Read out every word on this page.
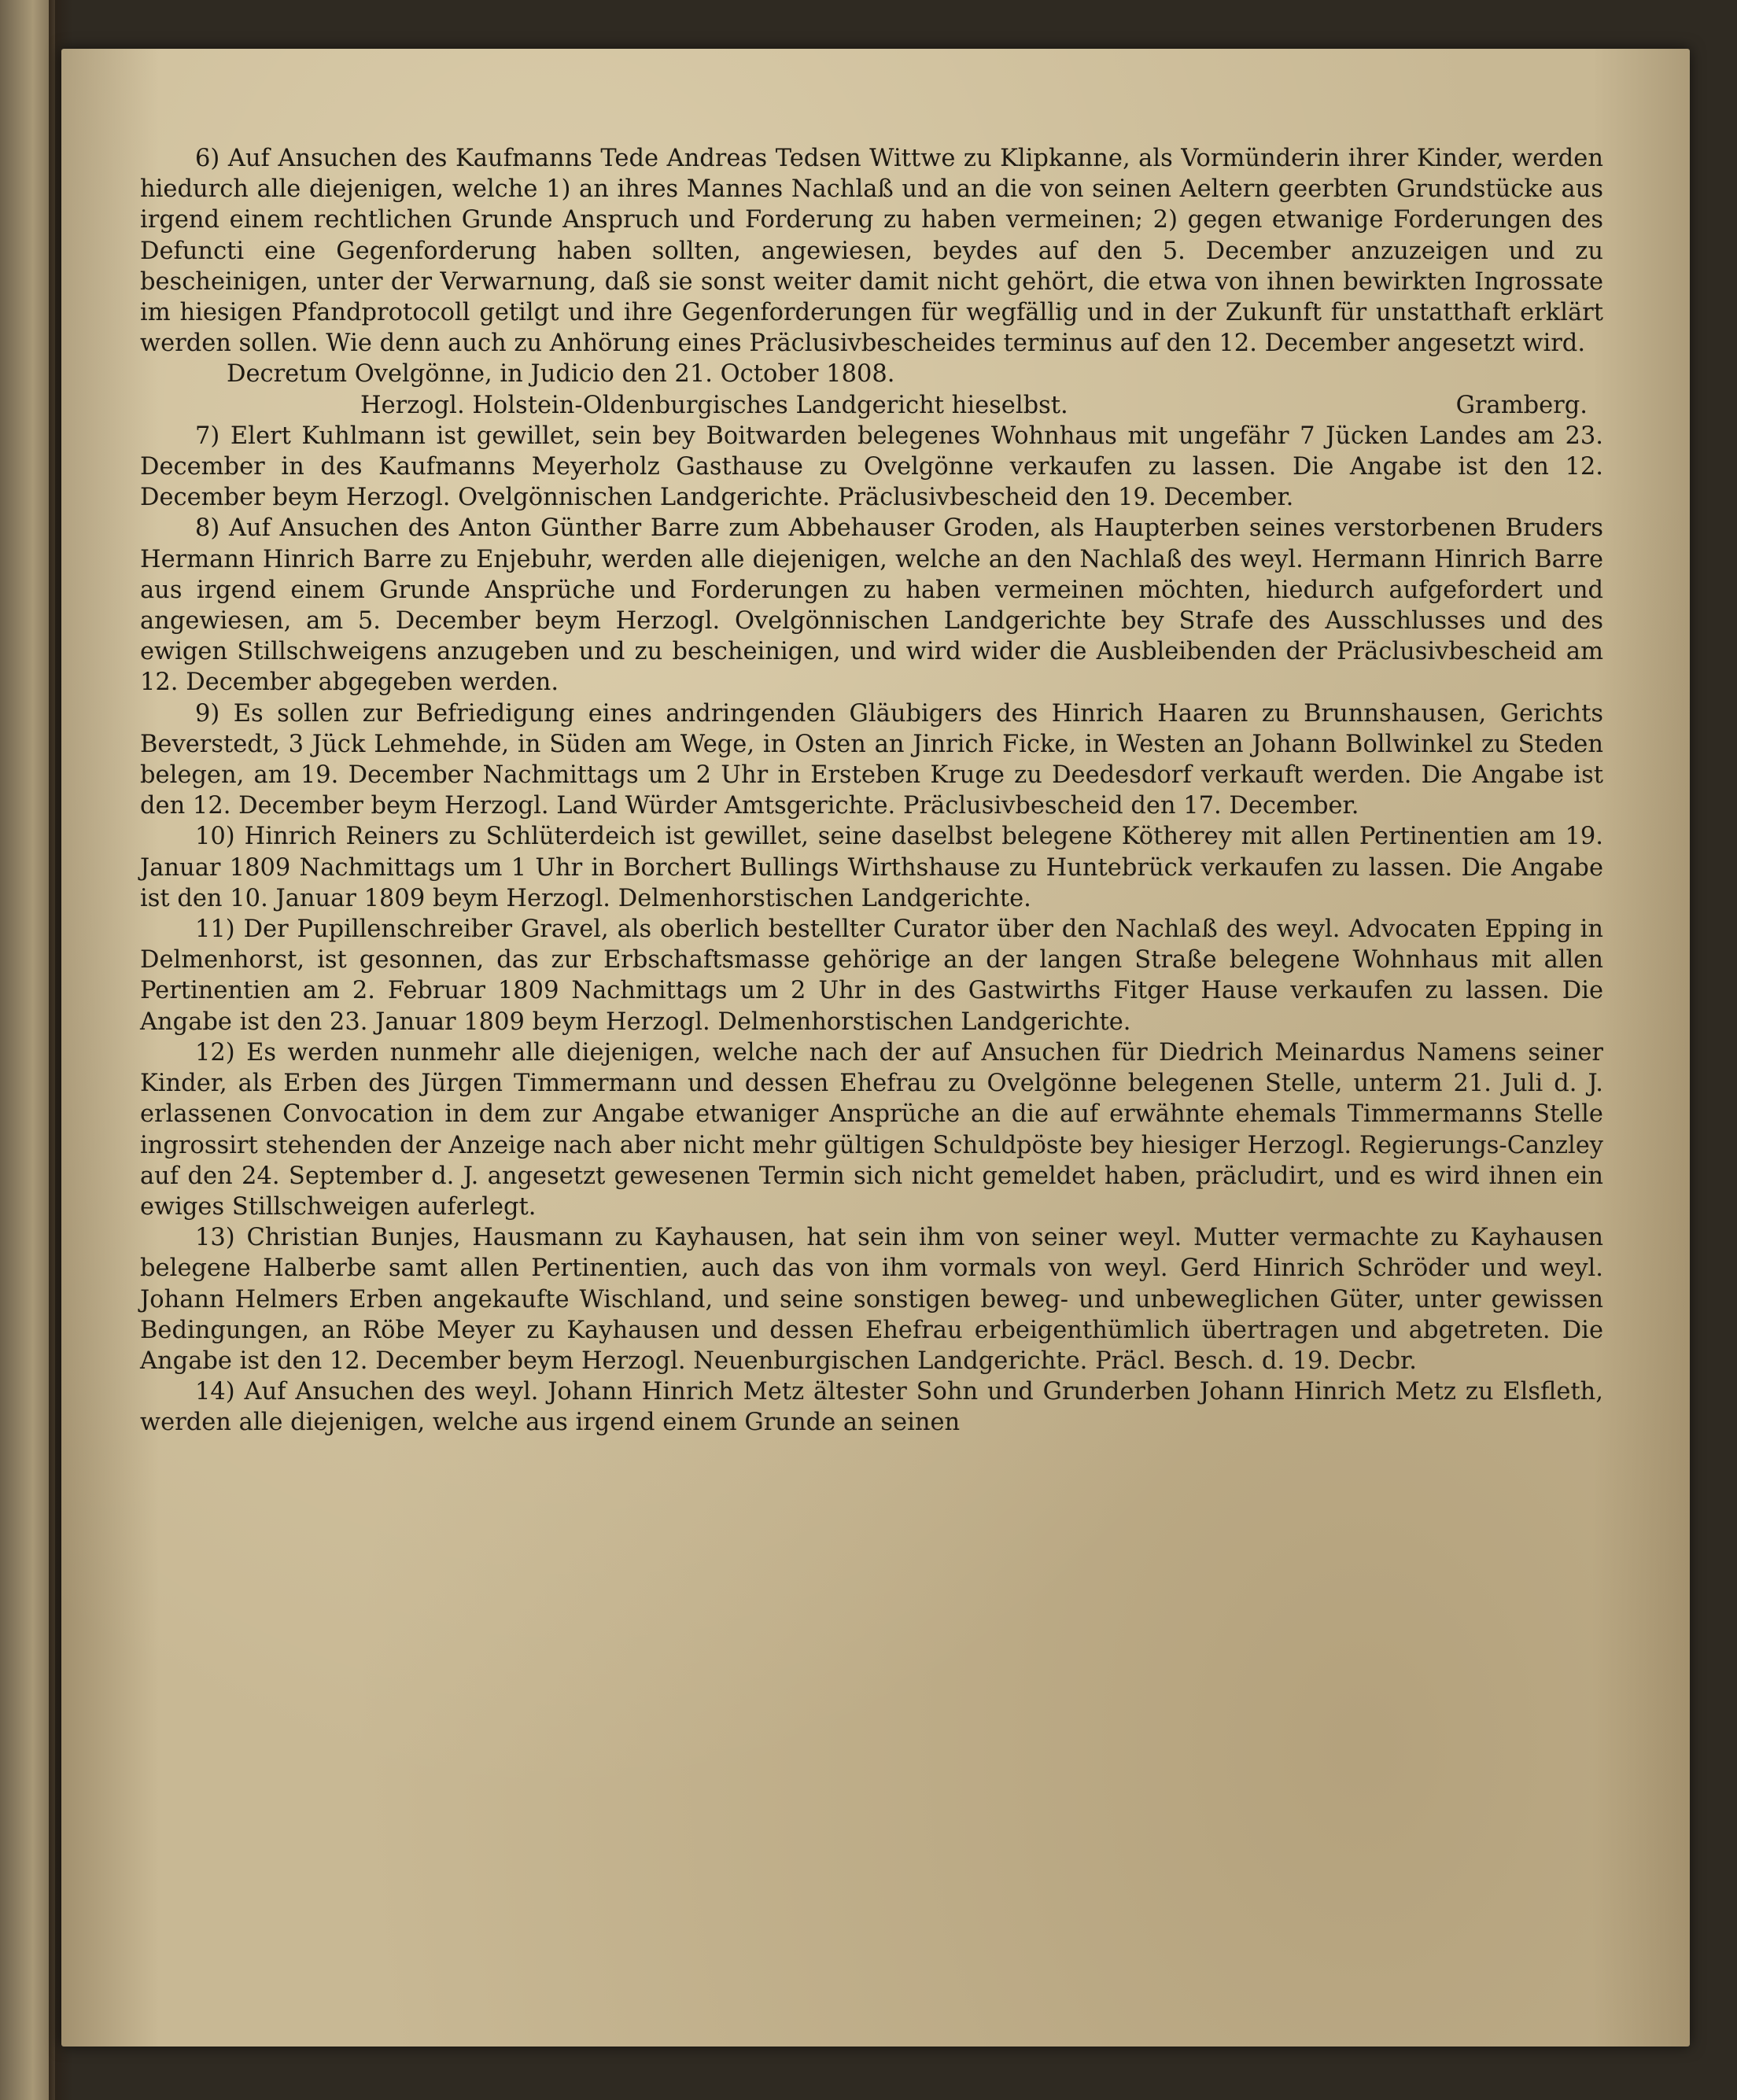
6) Auf Ansuchen des Kaufmanns Tede Andreas Tedsen Wittwe zu Klipkanne, als Vormünderin ihrer Kinder, werden hiedurch alle diejenigen, welche 1) an ihres Mannes Nachlaß und an die von seinen Aeltern geerbten Grundstücke aus irgend einem rechtlichen Grunde Anspruch und Forderung zu haben vermeinen; 2) gegen etwanige Forderungen des Defuncti eine Gegenforderung haben sollten, angewiesen, beydes auf den 5. December anzuzeigen und zu bescheinigen, unter der Verwarnung, daß sie sonst weiter damit nicht gehört, die etwa von ihnen bewirkten Ingrossate im hiesigen Pfandprotocoll getilgt und ihre Gegenforderungen für wegfällig und in der Zukunft für unstatthaft erklärt werden sollen. Wie denn auch zu Anhörung eines Präclusivbescheides terminus auf den 12. December angesetzt wird.

Decretum Ovelgönne, in Judicio den 21. October 1808.

Herzogl. Holstein-Oldenburgisches Landgericht hieselbst.	Gramberg.

7) Elert Kuhlmann ist gewillet, sein bey Boitwarden belegenes Wohnhaus mit ungefähr 7 Jücken Landes am 23. December in des Kaufmanns Meyerholz Gasthause zu Ovelgönne verkaufen zu lassen. Die Angabe ist den 12. December beym Herzogl. Ovelgönnischen Landgerichte. Präclusivbescheid den 19. December.

8) Auf Ansuchen des Anton Günther Barre zum Abbehauser Groden, als Haupterben seines verstorbenen Bruders Hermann Hinrich Barre zu Enjebuhr, werden alle diejenigen, welche an den Nachlaß des weyl. Hermann Hinrich Barre aus irgend einem Grunde Ansprüche und Forderungen zu haben vermeinen möchten, hiedurch aufgefordert und angewiesen, am 5. December beym Herzogl. Ovelgönnischen Landgerichte bey Strafe des Ausschlusses und des ewigen Stillschweigens anzugeben und zu bescheinigen, und wird wider die Ausbleibenden der Präclusivbescheid am 12. December abgegeben werden.

9) Es sollen zur Befriedigung eines andringenden Gläubigers des Hinrich Haaren zu Brunnshausen, Gerichts Beverstedt, 3 Jück Lehmehde, in Süden am Wege, in Osten an Jinrich Ficke, in Westen an Johann Bollwinkel zu Steden belegen, am 19. December Nachmittags um 2 Uhr in Ersteben Kruge zu Deedesdorf verkauft werden. Die Angabe ist den 12. December beym Herzogl. Land Würder Amtsgerichte. Präclusivbescheid den 17. December.

10) Hinrich Reiners zu Schlüterdeich ist gewillet, seine daselbst belegene Kötherey mit allen Pertinentien am 19. Januar 1809 Nachmittags um 1 Uhr in Borchert Bullings Wirthshause zu Huntebrück verkaufen zu lassen. Die Angabe ist den 10. Januar 1809 beym Herzogl. Delmenhorstischen Landgerichte.

11) Der Pupillenschreiber Gravel, als oberlich bestellter Curator über den Nachlaß des weyl. Advocaten Epping in Delmenhorst, ist gesonnen, das zur Erbschaftsmasse gehörige an der langen Straße belegene Wohnhaus mit allen Pertinentien am 2. Februar 1809 Nachmittags um 2 Uhr in des Gastwirths Fitger Hause verkaufen zu lassen. Die Angabe ist den 23. Januar 1809 beym Herzogl. Delmenhorstischen Landgerichte.

12) Es werden nunmehr alle diejenigen, welche nach der auf Ansuchen für Diedrich Meinardus Namens seiner Kinder, als Erben des Jürgen Timmermann und dessen Ehefrau zu Ovelgönne belegenen Stelle, unterm 21. Juli d. J. erlassenen Convocation in dem zur Angabe etwaniger Ansprüche an die auf erwähnte ehemals Timmermanns Stelle ingrossirt stehenden der Anzeige nach aber nicht mehr gültigen Schuldpöste bey hiesiger Herzogl. Regierungs-Canzley auf den 24. September d. J. angesetzt gewesenen Termin sich nicht gemeldet haben, präcludirt, und es wird ihnen ein ewiges Stillschweigen auferlegt.

13) Christian Bunjes, Hausmann zu Kayhausen, hat sein ihm von seiner weyl. Mutter vermachte zu Kayhausen belegene Halberbe samt allen Pertinentien, auch das von ihm vormals von weyl. Gerd Hinrich Schröder und weyl. Johann Helmers Erben angekaufte Wischland, und seine sonstigen beweg- und unbeweglichen Güter, unter gewissen Bedingungen, an Röbe Meyer zu Kayhausen und dessen Ehefrau erbeigenthümlich übertragen und abgetreten. Die Angabe ist den 12. December beym Herzogl. Neuenburgischen Landgerichte. Präcl. Besch. d. 19. Decbr.

14) Auf Ansuchen des weyl. Johann Hinrich Metz ältester Sohn und Grunderben Johann Hinrich Metz zu Elsfleth, werden alle diejenigen, welche aus irgend einem Grunde an seinen
